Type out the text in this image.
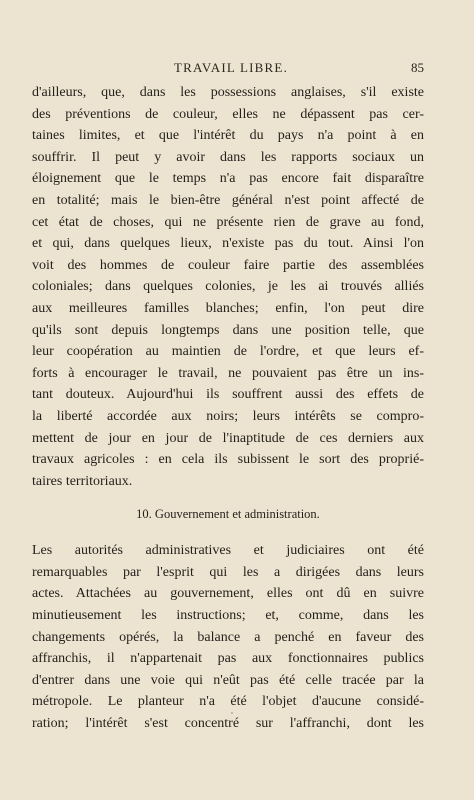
TRAVAIL LIBRE.	85
d'ailleurs, que, dans les possessions anglaises, s'il existe
des préventions de couleur, elles ne dépassent pas cer-
taines limites, et que l'intérêt du pays n'a point à en
souffrir. Il peut y avoir dans les rapports sociaux un
éloignement que le temps n'a pas encore fait disparaître
en totalité; mais le bien-être général n'est point affecté de
cet état de choses, qui ne présente rien de grave au fond,
et qui, dans quelques lieux, n'existe pas du tout. Ainsi l'on
voit des hommes de couleur faire partie des assemblées
coloniales; dans quelques colonies, je les ai trouvés alliés
aux meilleures familles blanches; enfin, l'on peut dire
qu'ils sont depuis longtemps dans une position telle, que
leur coopération au maintien de l'ordre, et que leurs ef-
forts à encourager le travail, ne pouvaient pas être un ins-
tant douteux. Aujourd'hui ils souffrent aussi des effets de
la liberté accordée aux noirs; leurs intérêts se compro-
mettent de jour en jour de l'inaptitude de ces derniers aux
travaux agricoles : en cela ils subissent le sort des proprié-
taires territoriaux.
10. Gouvernement et administration.
Les autorités administratives et judiciaires ont été
remarquables par l'esprit qui les a dirigées dans leurs
actes. Attachées au gouvernement, elles ont dû en suivre
minutieusement les instructions; et, comme, dans les
changements opérés, la balance a penché en faveur des
affranchis, il n'appartenait pas aux fonctionnaires publics
d'entrer dans une voie qui n'eût pas été celle tracée par la
métropole. Le planteur n'a été l'objet d'aucune considé-
ration; l'intérêt s'est concentré sur l'affranchi, dont les
